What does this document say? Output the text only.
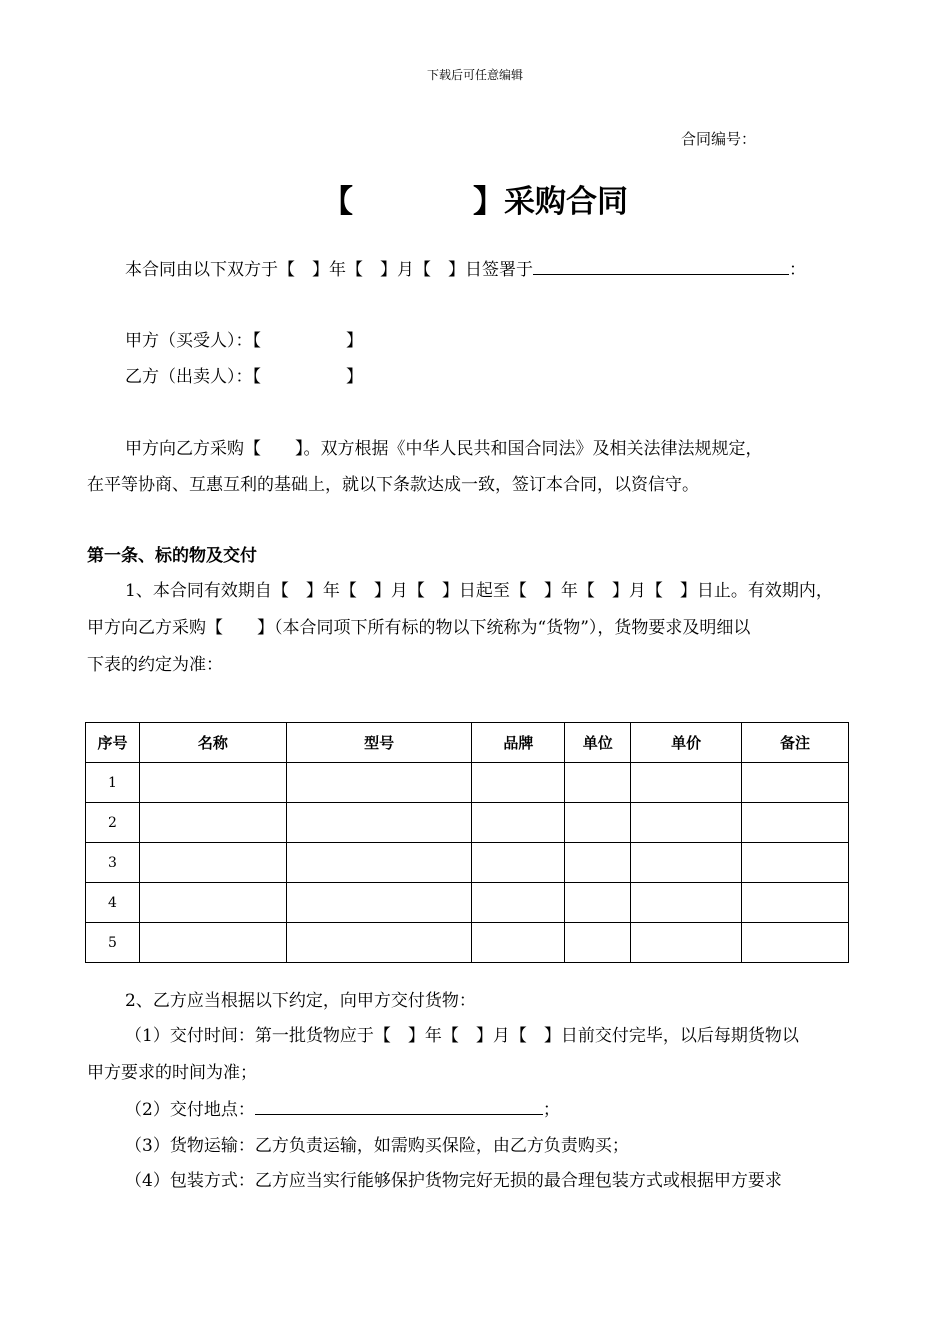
下载后可任意编辑
合同编号：
【	】采购合同
本合同由以下双方于【　】年【　】月【　】日签署于	：
甲方（买受人）：【　　　　　】
乙方（出卖人）：【　　　　　】
甲方向乙方采购【　　】。双方根据《中华人民共和国合同法》及相关法律法规规定，
在平等协商、互惠互利的基础上，就以下条款达成一致，签订本合同，以资信守。
第一条、标的物及交付
1、本合同有效期自【　】年【　】月【　】日起至【　】年【　】月【　】日止。有效期内，
甲方向乙方采购【　　】（本合同项下所有标的物以下统称为“货物”），货物要求及明细以
下表的约定为准：
序号	名称	型号	品牌	单位	单价	备注
1						
2						
3						
4						
5						
2、乙方应当根据以下约定，向甲方交付货物：
（1）交付时间：第一批货物应于【　】年【　】月【　】日前交付完毕，以后每期货物以
甲方要求的时间为准；
（2）交付地点：	；
（3）货物运输：乙方负责运输，如需购买保险，由乙方负责购买；
（4）包装方式：乙方应当实行能够保护货物完好无损的最合理包装方式或根据甲方要求
